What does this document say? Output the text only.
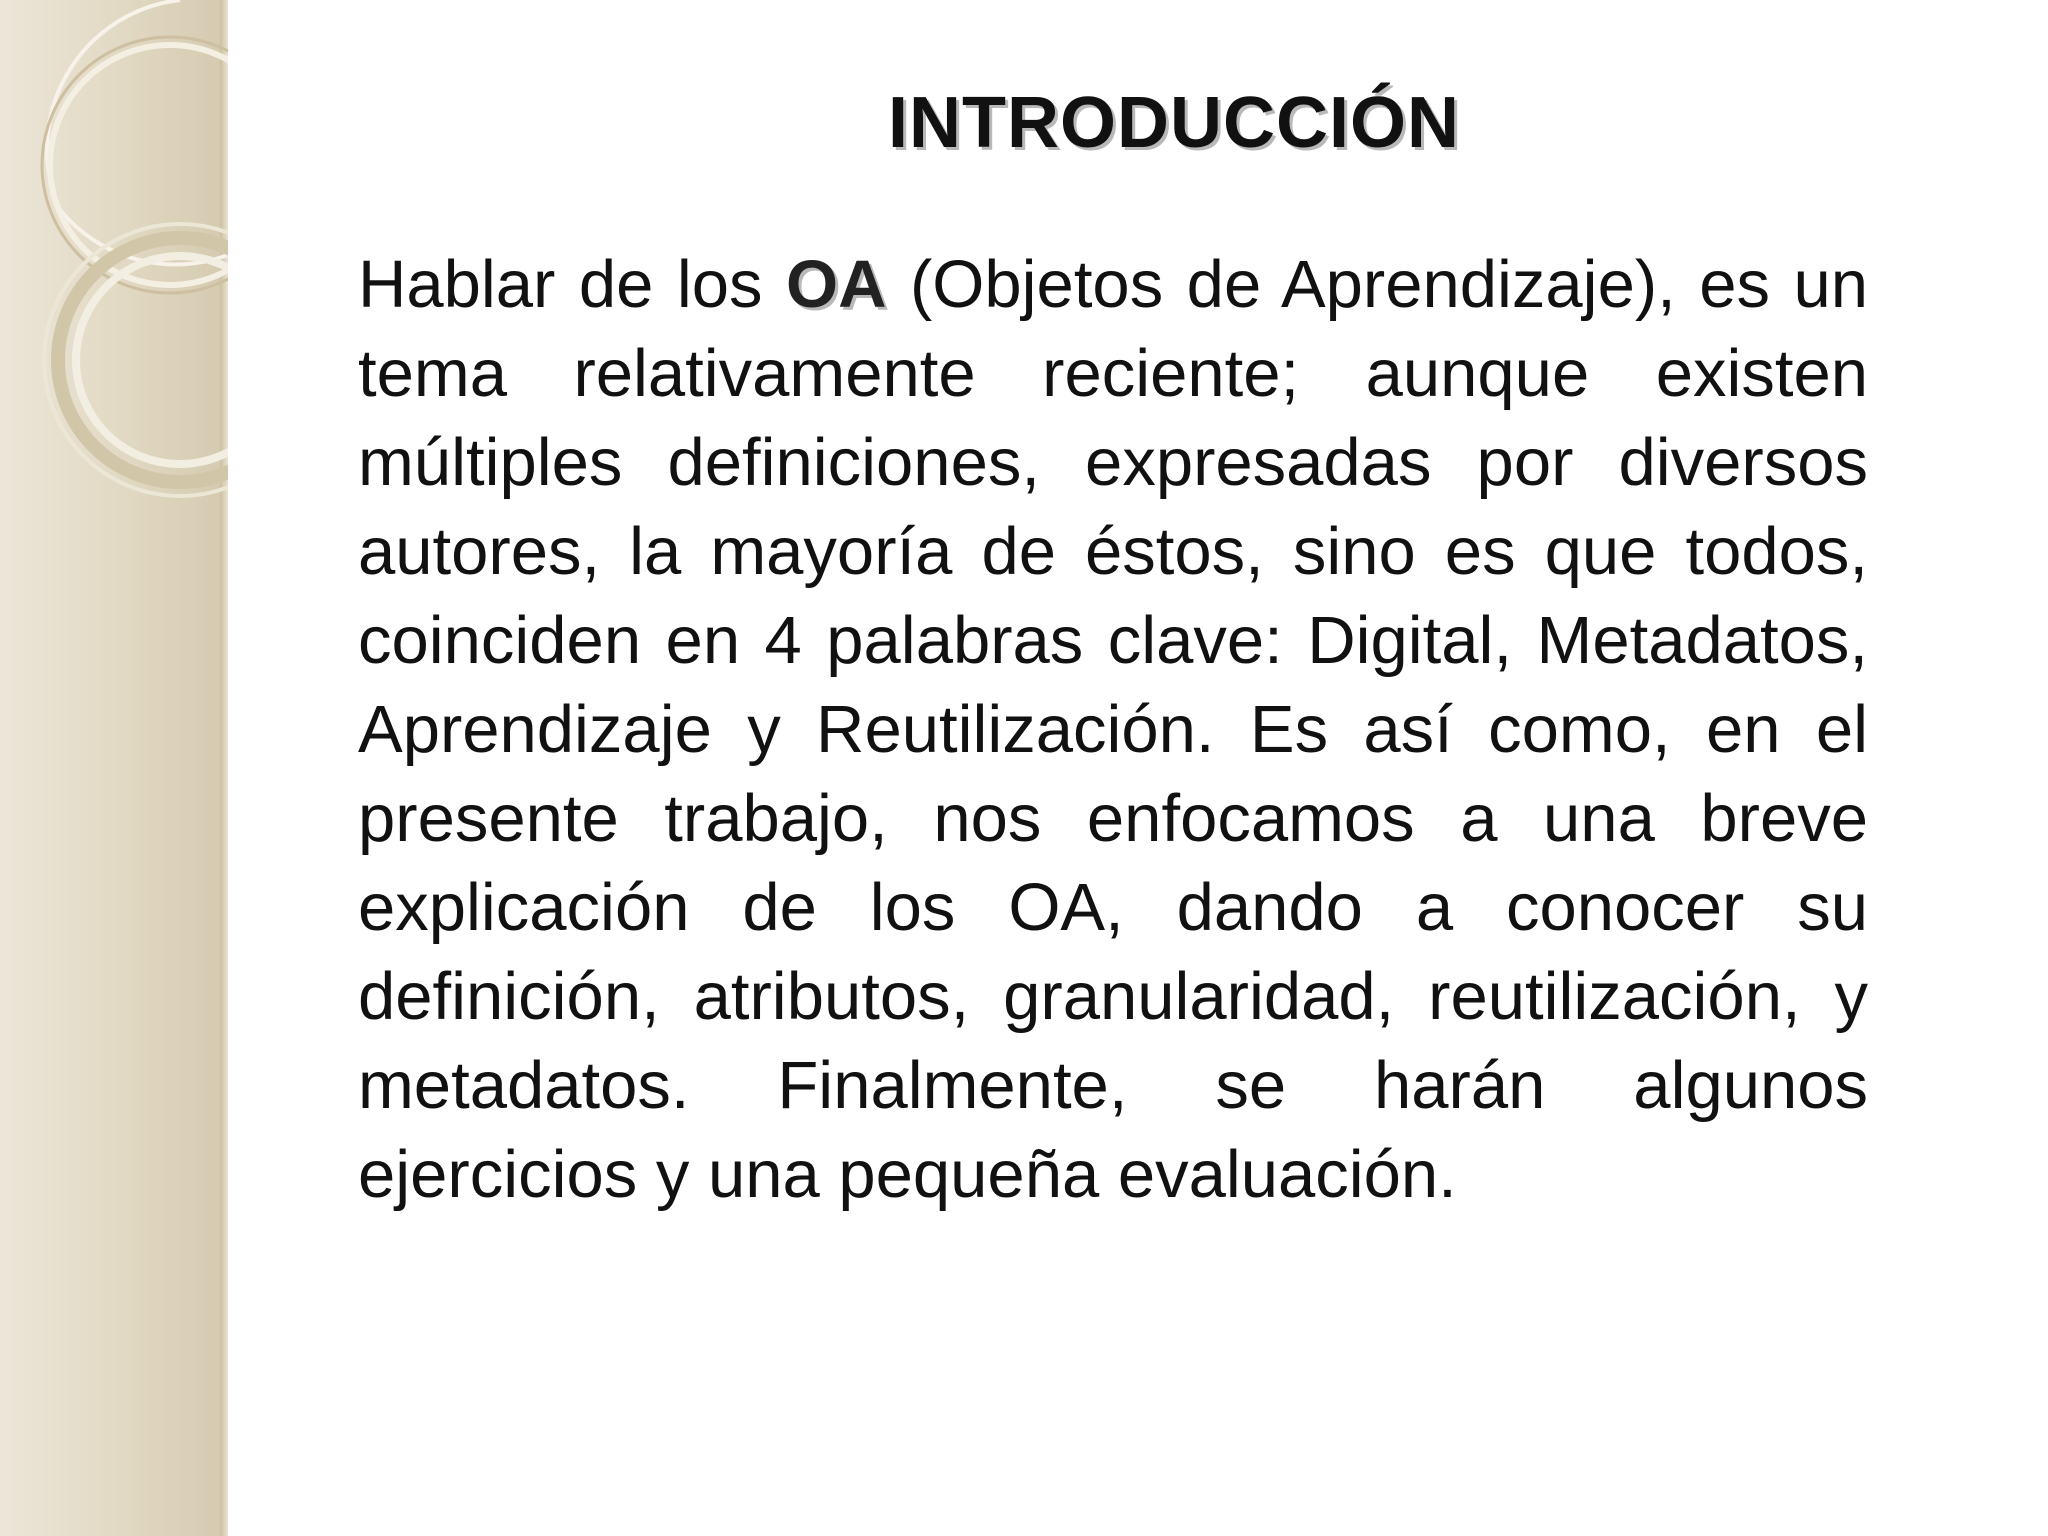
INTRODUCCIÓN

Hablar de los OA (Objetos de Aprendizaje), es un tema relativamente reciente; aunque existen múltiples definiciones, expresadas por diversos autores, la mayoría de éstos, sino es que todos, coinciden en 4 palabras clave: Digital, Metadatos, Aprendizaje y Reutilización. Es así como, en el presente trabajo, nos enfocamos a una breve explicación de los OA, dando a conocer su definición, atributos, granularidad, reutilización, y metadatos. Finalmente, se harán algunos ejercicios y una pequeña evaluación.
